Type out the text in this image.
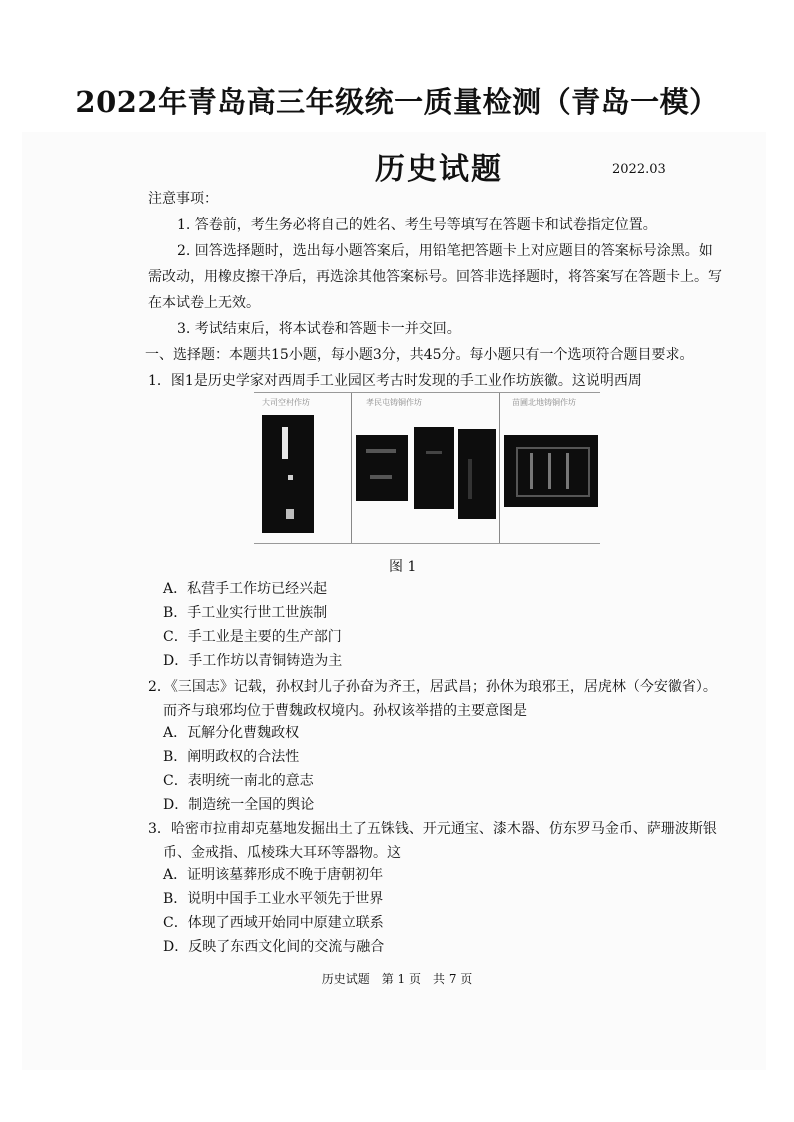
2022年青岛高三年级统一质量检测（青岛一模）
历史试题	2022.03
注意事项：
1. 答卷前，考生务必将自己的姓名、考生号等填写在答题卡和试卷指定位置。
2. 回答选择题时，选出每小题答案后，用铅笔把答题卡上对应题目的答案标号涂黑。如
需改动，用橡皮擦干净后，再选涂其他答案标号。回答非选择题时，将答案写在答题卡上。写
在本试卷上无效。
3. 考试结束后，将本试卷和答题卡一并交回。
一、选择题：本题共15小题，每小题3分，共45分。每小题只有一个选项符合题目要求。
1．图1是历史学家对西周手工业园区考古时发现的手工业作坊族徽。这说明西周
大司空村作坊	孝民屯铸铜作坊	苗圃北地铸铜作坊
图 1
A．私营手工作坊已经兴起
B．手工业实行世工世族制
C．手工业是主要的生产部门
D．手工作坊以青铜铸造为主
2．《三国志》记载，孙权封儿子孙奋为齐王，居武昌；孙休为琅邪王，居虎林（今安徽省）。
而齐与琅邪均位于曹魏政权境内。孙权该举措的主要意图是
A．瓦解分化曹魏政权
B．阐明政权的合法性
C．表明统一南北的意志
D．制造统一全国的舆论
3．哈密市拉甫却克墓地发掘出土了五铢钱、开元通宝、漆木器、仿东罗马金币、萨珊波斯银
币、金戒指、瓜棱珠大耳环等器物。这
A．证明该墓葬形成不晚于唐朝初年
B．说明中国手工业水平领先于世界
C．体现了西域开始同中原建立联系
D．反映了东西文化间的交流与融合
历史试题　第 1 页　共 7 页
